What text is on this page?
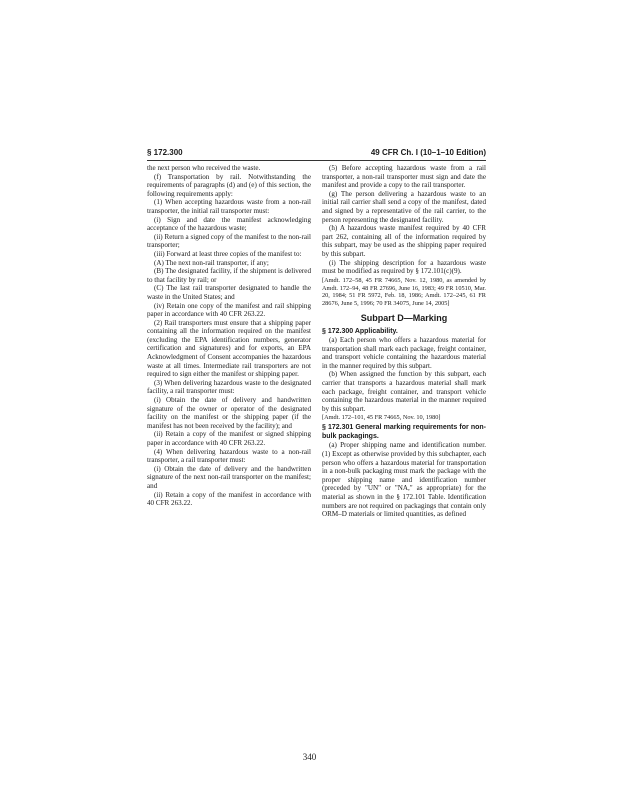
§ 172.300	49 CFR Ch. I (10–1–10 Edition)

the next person who received the waste.

(f) Transportation by rail. Notwithstanding the requirements of paragraphs (d) and (e) of this section, the following requirements apply:

(1) When accepting hazardous waste from a non-rail transporter, the initial rail transporter must:

(i) Sign and date the manifest acknowledging acceptance of the hazardous waste;

(ii) Return a signed copy of the manifest to the non-rail transporter;

(iii) Forward at least three copies of the manifest to:

(A) The next non-rail transporter, if any;

(B) The designated facility, if the shipment is delivered to that facility by rail; or

(C) The last rail transporter designated to handle the waste in the United States; and

(iv) Retain one copy of the manifest and rail shipping paper in accordance with 40 CFR 263.22.

(2) Rail transporters must ensure that a shipping paper containing all the information required on the manifest (excluding the EPA identification numbers, generator certification and signatures) and for exports, an EPA Acknowledgment of Consent accompanies the hazardous waste at all times. Intermediate rail transporters are not required to sign either the manifest or shipping paper.

(3) When delivering hazardous waste to the designated facility, a rail transporter must:

(i) Obtain the date of delivery and handwritten signature of the owner or operator of the designated facility on the manifest or the shipping paper (if the manifest has not been received by the facility); and

(ii) Retain a copy of the manifest or signed shipping paper in accordance with 40 CFR 263.22.

(4) When delivering hazardous waste to a non-rail transporter, a rail transporter must:

(i) Obtain the date of delivery and the handwritten signature of the next non-rail transporter on the manifest; and

(ii) Retain a copy of the manifest in accordance with 40 CFR 263.22.

(5) Before accepting hazardous waste from a rail transporter, a non-rail transporter must sign and date the manifest and provide a copy to the rail transporter.

(g) The person delivering a hazardous waste to an initial rail carrier shall send a copy of the manifest, dated and signed by a representative of the rail carrier, to the person representing the designated facility.

(h) A hazardous waste manifest required by 40 CFR part 262, containing all of the information required by this subpart, may be used as the shipping paper required by this subpart.

(i) The shipping description for a hazardous waste must be modified as required by § 172.101(c)(9).

[Amdt. 172–58, 45 FR 74665, Nov. 12, 1980, as amended by Amdt. 172–94, 48 FR 27696, June 16, 1983; 49 FR 10510, Mar. 20, 1984; 51 FR 5972, Feb. 18, 1986; Amdt. 172–245, 61 FR 28676, June 5, 1996; 70 FR 34075, June 14, 2005]

Subpart D—Marking

§ 172.300 Applicability.

(a) Each person who offers a hazardous material for transportation shall mark each package, freight container, and transport vehicle containing the hazardous material in the manner required by this subpart.

(b) When assigned the function by this subpart, each carrier that transports a hazardous material shall mark each package, freight container, and transport vehicle containing the hazardous material in the manner required by this subpart.

[Amdt. 172–101, 45 FR 74665, Nov. 10, 1980]

§ 172.301 General marking requirements for non-bulk packagings.

(a) Proper shipping name and identification number. (1) Except as otherwise provided by this subchapter, each person who offers a hazardous material for transportation in a non-bulk packaging must mark the package with the proper shipping name and identification number (preceded by "UN" or "NA," as appropriate) for the material as shown in the § 172.101 Table. Identification numbers are not required on packagings that contain only ORM–D materials or limited quantities, as defined

340
